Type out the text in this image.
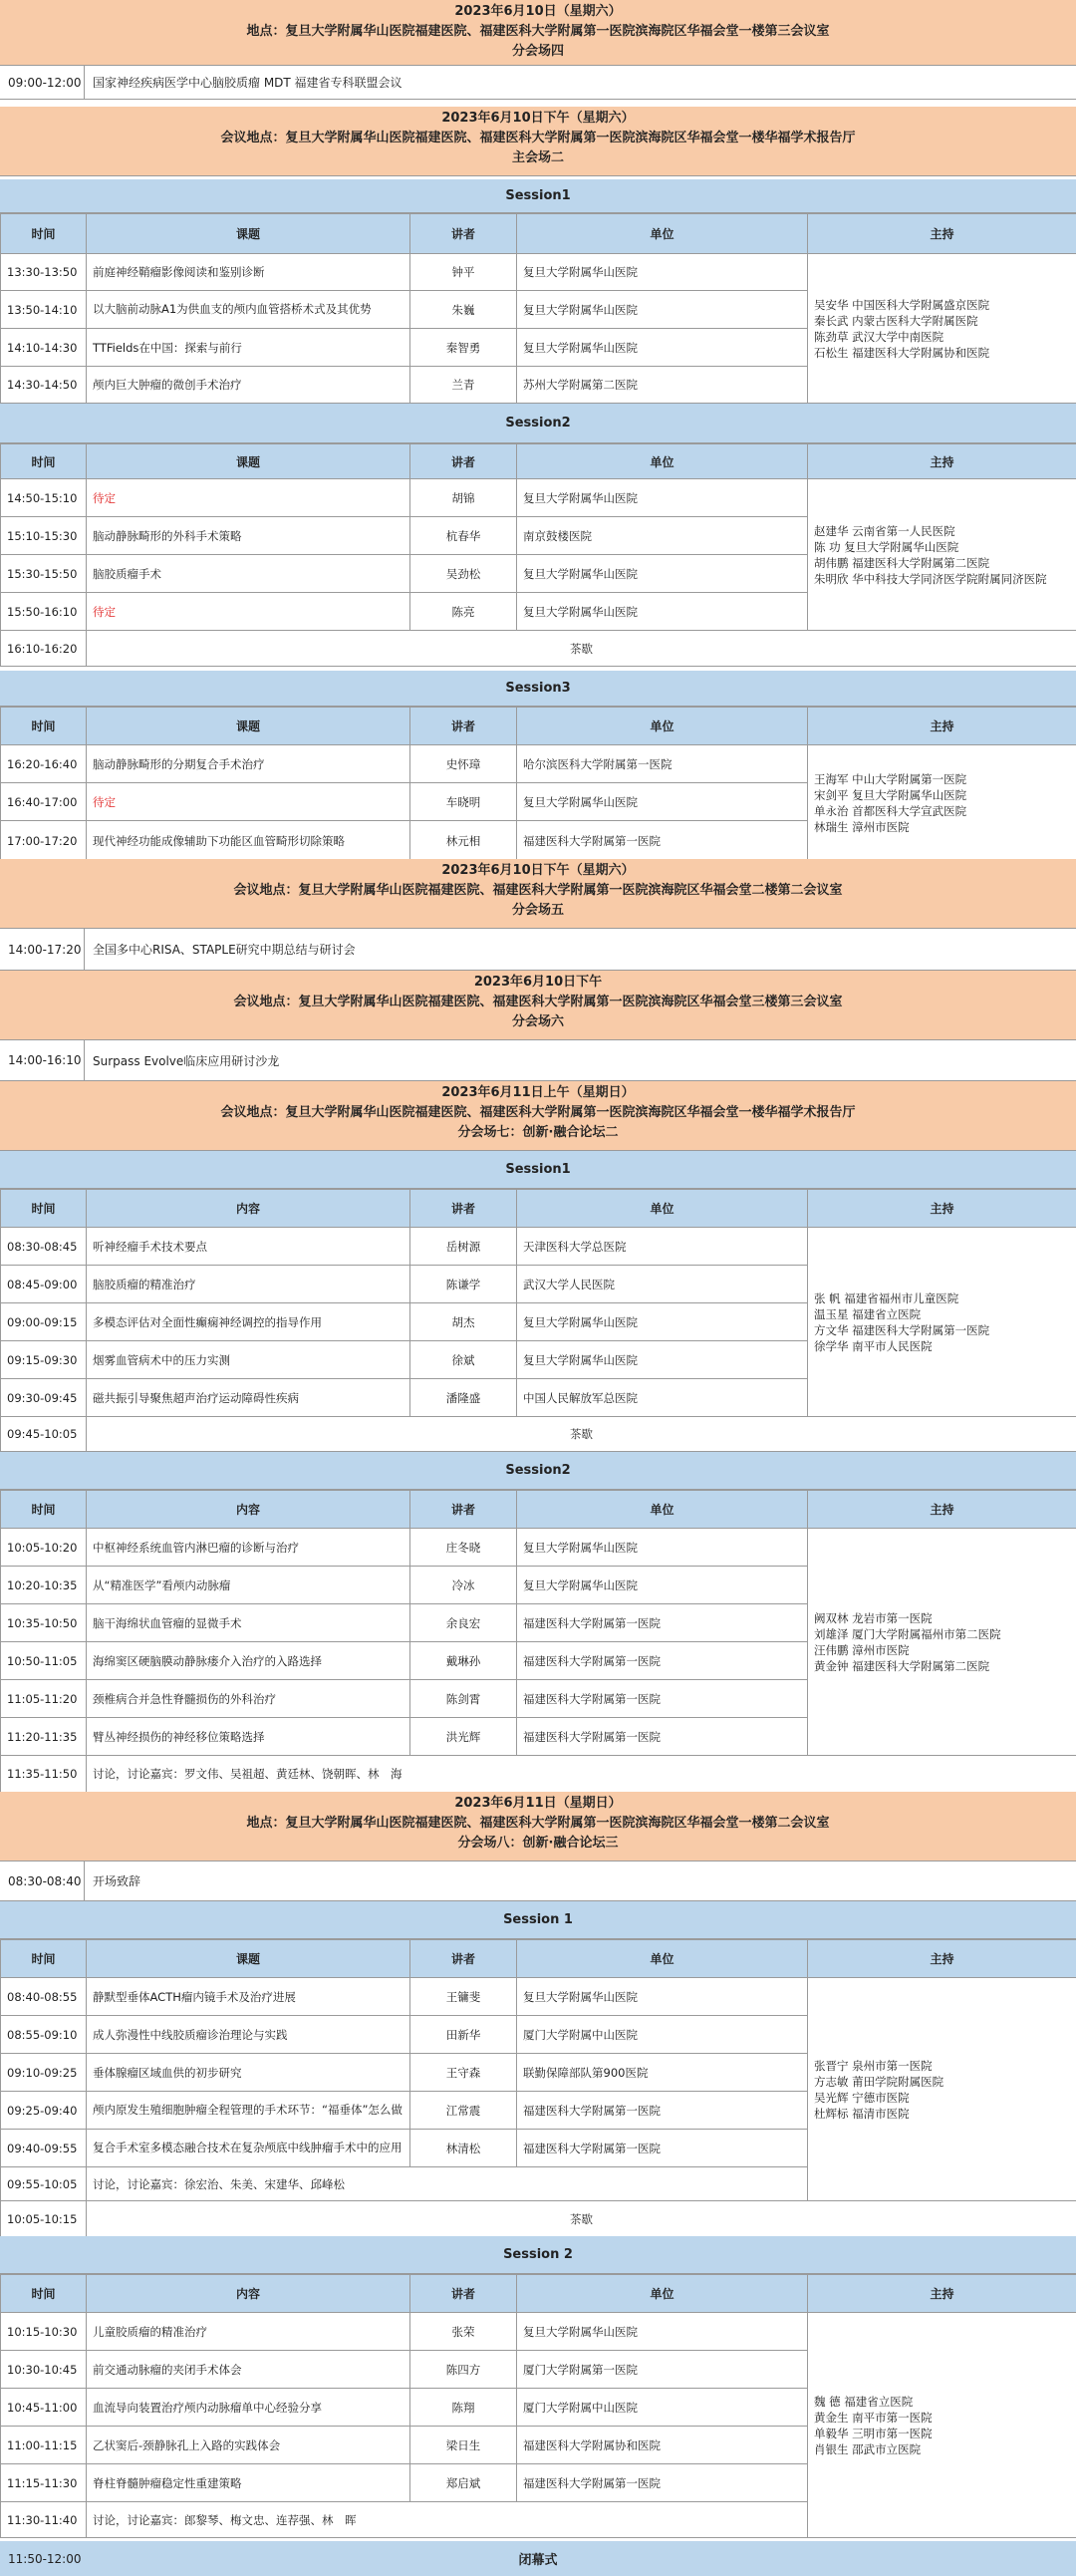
2023年6月10日（星期六）
地点：复旦大学附属华山医院福建医院、福建医科大学附属第一医院滨海院区华福会堂一楼第三会议室
分会场四
09:00-12:00 国家神经疾病医学中心脑胶质瘤 MDT 福建省专科联盟会议
2023年6月10日下午（星期六）
会议地点：复旦大学附属华山医院福建医院、福建医科大学附属第一医院滨海院区华福会堂一楼华福学术报告厅
主会场二
Session1
时间	课题	讲者	单位	主持
13:30-13:50	前庭神经鞘瘤影像阅读和鉴别诊断	钟平	复旦大学附属华山医院	吴安华 中国医科大学附属盛京医院
秦长武 内蒙古医科大学附属医院
陈劲草 武汉大学中南医院
石松生 福建医科大学附属协和医院

13:50-14:10	以大脑前动脉A1为供血支的颅内血管搭桥术式及其优势	朱巍	复旦大学附属华山医院	
14:10-14:30	TTFields在中国：探索与前行	秦智勇	复旦大学附属华山医院	
14:30-14:50	颅内巨大肿瘤的微创手术治疗	兰青	苏州大学附属第二医院	
Session2
时间	课题	讲者	单位	主持
14:50-15:10	待定	胡锦	复旦大学附属华山医院	赵建华 云南省第一人民医院
陈 功 复旦大学附属华山医院
胡伟鹏 福建医科大学附属第二医院
朱明欣 华中科技大学同济医学院附属同济医院

15:10-15:30	脑动静脉畸形的外科手术策略	杭春华	南京鼓楼医院	
15:30-15:50	脑胶质瘤手术	吴劲松	复旦大学附属华山医院	
15:50-16:10	待定	陈亮	复旦大学附属华山医院	
16:10-16:20	茶歇			
Session3
时间	课题	讲者	单位	主持
16:20-16:40	脑动静脉畸形的分期复合手术治疗	史怀璋	哈尔滨医科大学附属第一医院	王海军 中山大学附属第一医院
宋剑平 复旦大学附属华山医院
单永治 首都医科大学宣武医院
林瑞生 漳州市医院

16:40-17:00	待定	车晓明	复旦大学附属华山医院	
17:00-17:20	现代神经功能成像辅助下功能区血管畸形切除策略	林元相	福建医科大学附属第一医院	
2023年6月10日下午（星期六）
会议地点：复旦大学附属华山医院福建医院、福建医科大学附属第一医院滨海院区华福会堂二楼第二会议室
分会场五
14:00-17:20 全国多中心RISA、STAPLE研究中期总结与研讨会
2023年6月10日下午
会议地点：复旦大学附属华山医院福建医院、福建医科大学附属第一医院滨海院区华福会堂三楼第三会议室
分会场六
14:00-16:10 Surpass Evolve临床应用研讨沙龙
2023年6月11日上午（星期日）
会议地点：复旦大学附属华山医院福建医院、福建医科大学附属第一医院滨海院区华福会堂一楼华福学术报告厅
分会场七：创新·融合论坛二
Session1
时间	内容	讲者	单位	主持
08:30-08:45	听神经瘤手术技术要点	岳树源	天津医科大学总医院	张 帆 福建省福州市儿童医院
温玉星 福建省立医院
方文华 福建医科大学附属第一医院
徐学华 南平市人民医院

08:45-09:00	脑胶质瘤的精准治疗	陈谦学	武汉大学人民医院	
09:00-09:15	多模态评估对全面性癫痫神经调控的指导作用	胡杰	复旦大学附属华山医院	
09:15-09:30	烟雾血管病术中的压力实测	徐斌	复旦大学附属华山医院	
09:30-09:45	磁共振引导聚焦超声治疗运动障碍性疾病	潘隆盛	中国人民解放军总医院	
09:45-10:05	茶歇			
Session2
时间	内容	讲者	单位	主持
10:05-10:20	中枢神经系统血管内淋巴瘤的诊断与治疗	庄冬晓	复旦大学附属华山医院	阙双林 龙岩市第一医院
刘雄泽 厦门大学附属福州市第二医院
汪伟鹏 漳州市医院
黄金钟 福建医科大学附属第二医院

10:20-10:35	从“精准医学”看颅内动脉瘤	冷冰	复旦大学附属华山医院	
10:35-10:50	脑干海绵状血管瘤的显微手术	余良宏	福建医科大学附属第一医院	
10:50-11:05	海绵窦区硬脑膜动静脉瘘介入治疗的入路选择	戴琳孙	福建医科大学附属第一医院	
11:05-11:20	颈椎病合并急性脊髓损伤的外科治疗	陈剑霄	福建医科大学附属第一医院	
11:20-11:35	臂丛神经损伤的神经移位策略选择	洪光辉	福建医科大学附属第一医院	
11:35-11:50	讨论，讨论嘉宾：罗文伟、吴祖超、黄廷林、饶朝晖、林　海			
2023年6月11日（星期日）
地点：复旦大学附属华山医院福建医院、福建医科大学附属第一医院滨海院区华福会堂一楼第二会议室
分会场八：创新·融合论坛三
08:30-08:40 开场致辞
Session 1
时间	课题	讲者	单位	主持
08:40-08:55	静默型垂体ACTH瘤内镜手术及治疗进展	王镛斐	复旦大学附属华山医院	张晋宁 泉州市第一医院
方志敏 莆田学院附属医院
吴光辉 宁德市医院
杜辉标 福清市医院

08:55-09:10	成人弥漫性中线胶质瘤诊治理论与实践	田新华	厦门大学附属中山医院	
09:10-09:25	垂体腺瘤区域血供的初步研究	王守森	联勤保障部队第900医院	
09:25-09:40	颅内原发生殖细胞肿瘤全程管理的手术环节：“福垂体”怎么做	江常震	福建医科大学附属第一医院	
09:40-09:55	复合手术室多模态融合技术在复杂颅底中线肿瘤手术中的应用	林清松	福建医科大学附属第一医院	
09:55-10:05	讨论，讨论嘉宾：徐宏治、朱美、宋建华、邱峰松			
10:05-10:15	茶歇			
Session 2
时间	内容	讲者	单位	主持
10:15-10:30	儿童胶质瘤的精准治疗	张荣	复旦大学附属华山医院	魏 德 福建省立医院
黄金生 南平市第一医院
单毅华 三明市第一医院
肖银生 邵武市立医院

10:30-10:45	前交通动脉瘤的夹闭手术体会	陈四方	厦门大学附属第一医院	
10:45-11:00	血流导向装置治疗颅内动脉瘤单中心经验分享	陈翔	厦门大学附属中山医院	
11:00-11:15	乙状窦后-颈静脉孔上入路的实践体会	梁日生	福建医科大学附属协和医院	
11:15-11:30	脊柱脊髓肿瘤稳定性重建策略	郑启斌	福建医科大学附属第一医院	
11:30-11:40	讨论，讨论嘉宾：郎黎琴、梅文忠、连荐强、林　晖			
11:50-12:00	闭幕式
